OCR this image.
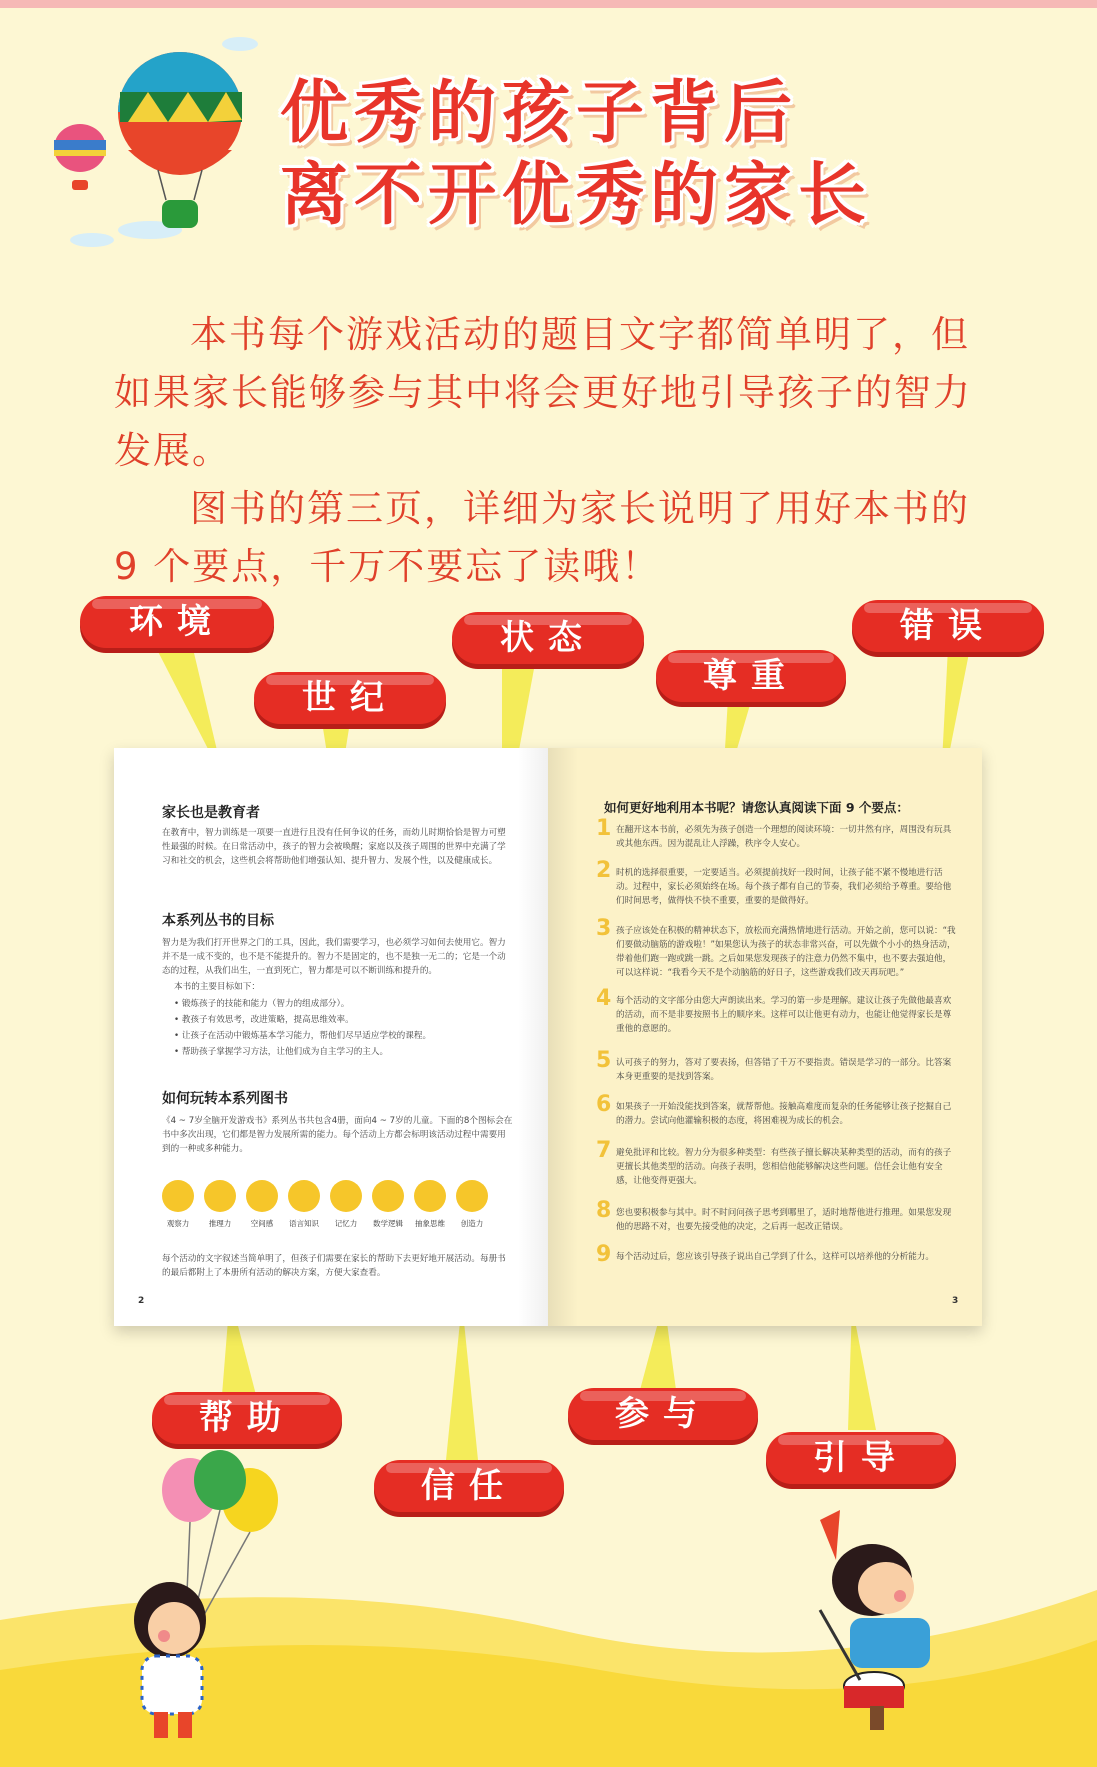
优秀的孩子背后
离不开优秀的家长

本书每个游戏活动的题目文字都简单明了，但如果家长能够参与其中将会更好地引导孩子的智力发展。

图书的第三页，详细为家长说明了用好本书的 9 个要点，千万不要忘了读哦！

环境
世纪
状态
尊重
错误
家长也是教育者
在教育中，智力训练是一项要一直进行且没有任何争议的任务，而幼儿时期恰恰是智力可塑性最强的时候。在日常活动中，孩子的智力会被唤醒；家庭以及孩子周围的世界中充满了学习和社交的机会，这些机会将帮助他们增强认知、提升智力、发展个性，以及健康成长。
本系列丛书的目标
智力是为我们打开世界之门的工具，因此，我们需要学习，也必须学习如何去使用它。智力并不是一成不变的，也不是不能提升的。智力不是固定的，也不是独一无二的；它是一个动态的过程，从我们出生，一直到死亡，智力都是可以不断训练和提升的。
本书的主要目标如下：
• 锻炼孩子的技能和能力（智力的组成部分）。
• 教孩子有效思考，改进策略，提高思维效率。
• 让孩子在活动中锻炼基本学习能力，帮他们尽早适应学校的课程。
• 帮助孩子掌握学习方法，让他们成为自主学习的主人。
如何玩转本系列图书
《4 ~ 7岁全脑开发游戏书》系列丛书共包含4册，面向4 ~ 7岁的儿童。下面的8个图标会在书中多次出现，它们都是智力发展所需的能力。每个活动上方都会标明该活动过程中需要用到的一种或多种能力。
观察力	推理力	空间感	语言知识	记忆力	数学逻辑	抽象思维	创造力
每个活动的文字叙述当简单明了，但孩子们需要在家长的帮助下去更好地开展活动。每册书的最后都附上了本册所有活动的解决方案，方便大家查看。
2
如何更好地利用本书呢？请您认真阅读下面 9 个要点：
1 在翻开这本书前，必须先为孩子创造一个理想的阅读环境：一切井然有序，周围没有玩具或其他东西。因为混乱让人浮躁，秩序令人安心。
2 时机的选择很重要，一定要适当。必须提前找好一段时间，让孩子能不紧不慢地进行活动。过程中，家长必须始终在场。每个孩子都有自己的节奏，我们必须给予尊重。要给他们时间思考，做得快不快不重要，重要的是做得好。
3 孩子应该处在积极的精神状态下，放松而充满热情地进行活动。开始之前，您可以说：“我们要做动脑筋的游戏啦！”如果您认为孩子的状态非常兴奋，可以先做个小小的热身活动，带着他们跑一跑或跳一跳。之后如果您发现孩子的注意力仍然不集中，也不要去强迫他，可以这样说：“我看今天不是个动脑筋的好日子，这些游戏我们改天再玩吧。”
4 每个活动的文字部分由您大声朗读出来。学习的第一步是理解。建议让孩子先做他最喜欢的活动，而不是非要按照书上的顺序来。这样可以让他更有动力，也能让他觉得家长是尊重他的意愿的。
5 认可孩子的努力，答对了要表扬，但答错了千万不要指责。错误是学习的一部分。比答案本身更重要的是找到答案。
6 如果孩子一开始没能找到答案，就帮帮他。接触高难度而复杂的任务能够让孩子挖掘自己的潜力。尝试向他灌输积极的态度，将困难视为成长的机会。
7 避免批评和比较。智力分为很多种类型：有些孩子擅长解决某种类型的活动，而有的孩子更擅长其他类型的活动。向孩子表明，您相信他能够解决这些问题。信任会让他有安全感，让他变得更强大。
8 您也要积极参与其中。时不时问问孩子思考到哪里了，适时地帮他进行推理。如果您发现他的思路不对，也要先接受他的决定，之后再一起改正错误。
9 每个活动过后，您应该引导孩子说出自己学到了什么，这样可以培养他的分析能力。
3
帮助
信任
参与
引导
